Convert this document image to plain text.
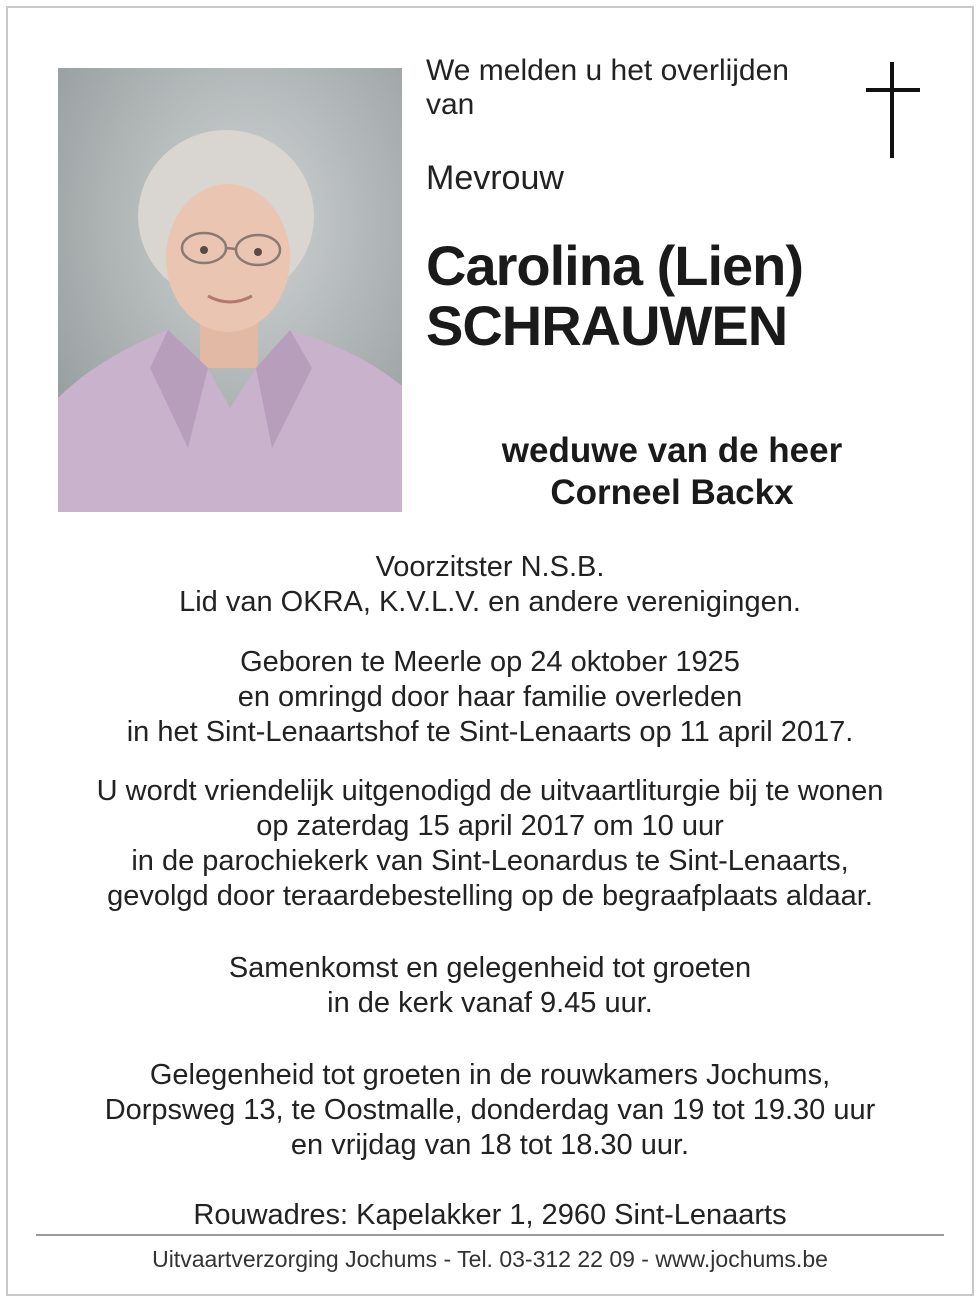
We melden u het overlijden
van
Mevrouw
Carolina (Lien)
SCHRAUWEN
weduwe van de heer
Corneel Backx
Voorzitster N.S.B.
Lid van OKRA, K.V.L.V. en andere verenigingen.
Geboren te Meerle op 24 oktober 1925
en omringd door haar familie overleden
in het Sint-Lenaartshof te Sint-Lenaarts op 11 april 2017.
U wordt vriendelijk uitgenodigd de uitvaartliturgie bij te wonen
op zaterdag 15 april 2017 om 10 uur
in de parochiekerk van Sint-Leonardus te Sint-Lenaarts,
gevolgd door teraardebestelling op de begraafplaats aldaar.
Samenkomst en gelegenheid tot groeten
in de kerk vanaf 9.45 uur.
Gelegenheid tot groeten in de rouwkamers Jochums,
Dorpsweg 13, te Oostmalle, donderdag van 19 tot 19.30 uur
en vrijdag van 18 tot 18.30 uur.
Rouwadres: Kapelakker 1, 2960 Sint-Lenaarts
Uitvaartverzorging Jochums - Tel. 03-312 22 09 - www.jochums.be
